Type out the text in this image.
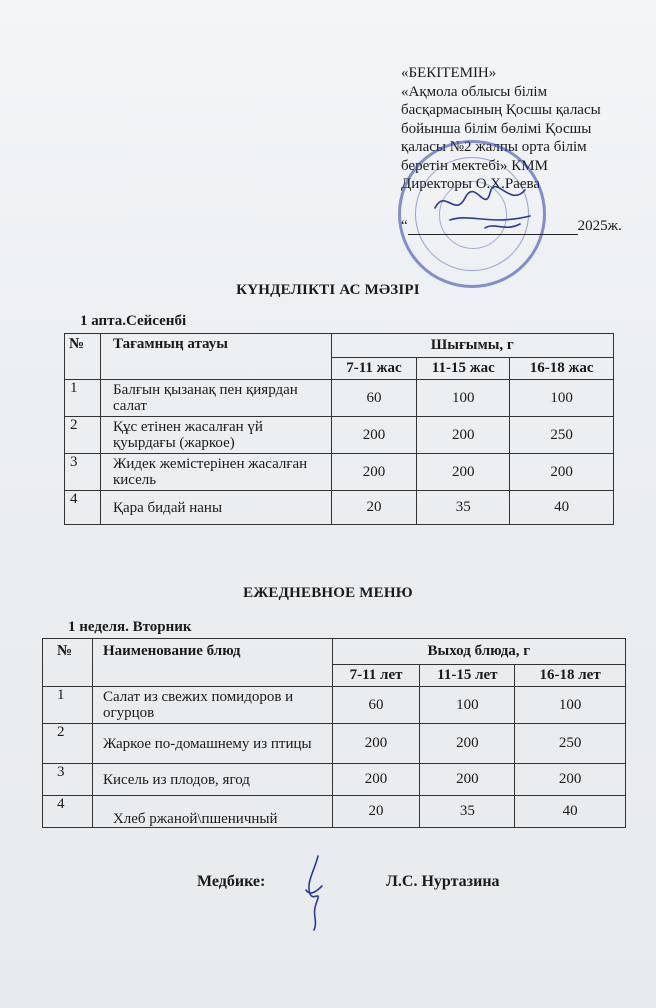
«БЕКІТЕМІН»
«Ақмола облысы білім
басқармасының Қосшы қаласы
бойынша білім бөлімі Қосшы
қаласы №2 жалпы орта білім
беретін мектебі» КММ
Директоры О.Х.Раева
“	2025ж.
КҮНДЕЛІКТІ АС МӘЗІРІ
1 апта.Сейсенбі
№	Тағамның атауы	Шығымы, г		
		7-11 жас	11-15 жас	16-18 жас
1	Балғын қызанақ пен қиярдан салат	60	100	100
2	Құс етінен жасалған үй қуырдағы (жаркое)	200	200	250
3	Жидек жемістерінен жасалған кисель	200	200	200
4	Қара бидай наны	20	35	40
ЕЖЕДНЕВНОЕ МЕНЮ
1 неделя. Вторник
№	Наименование блюд	Выход блюда, г		
		7-11 лет	11-15 лет	16-18 лет
1	Салат из свежих помидоров и огурцов	60	100	100
2	Жаркое по-домашнему из птицы	200	200	250
3	Кисель из плодов, ягод	200	200	200
4	Хлеб ржаной\пшеничный	20	35	40
Медбике:	Л.С. Нуртазина
